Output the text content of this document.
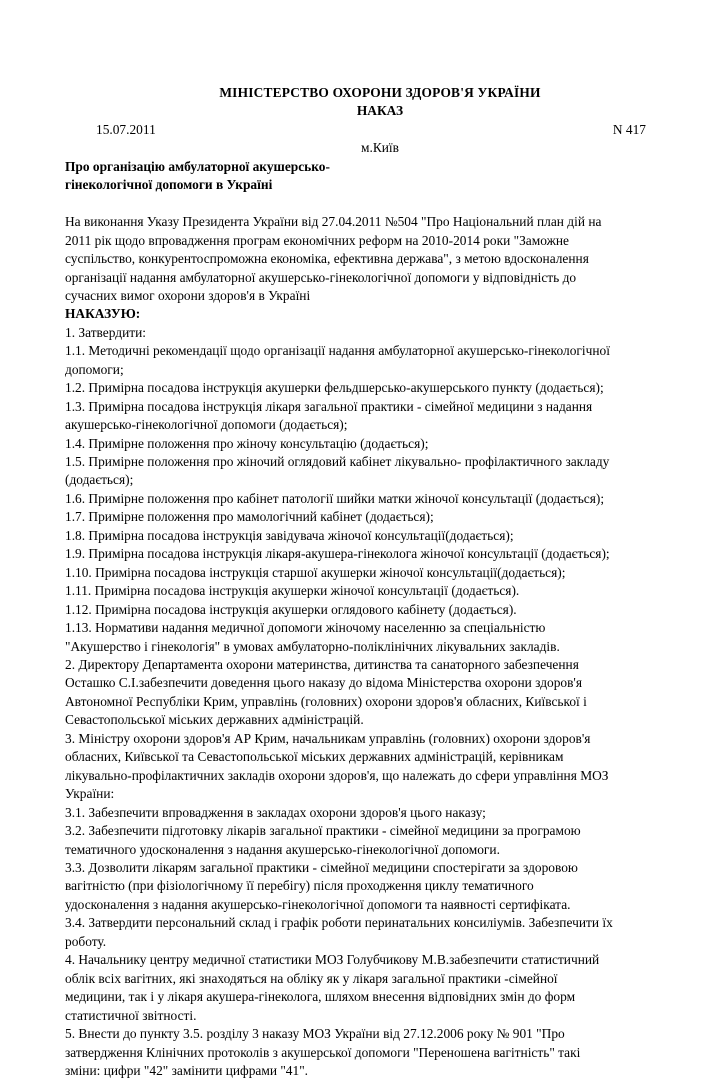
МІНІСТЕРСТВО ОХОРОНИ ЗДОРОВ'Я УКРАЇНИ
НАКАЗ
15.07.2011	N 417
м.Київ
Про організацію амбулаторної акушерсько-
гінекологічної допомоги в Україні
На виконання Указу Президента України від 27.04.2011 №504 "Про Національний план дій на
2011 рік щодо впровадження програм економічних реформ на 2010-2014 роки "Заможне
суспільство, конкурентоспроможна економіка, ефективна держава", з метою вдосконалення
організації надання амбулаторної акушерсько-гінекологічної допомоги у відповідність до
сучасних вимог охорони здоров'я в Україні
НАКАЗУЮ:
1. Затвердити:
1.1. Методичні рекомендації щодо організації надання амбулаторної акушерсько-гінекологічної
допомоги;
1.2. Примірна посадова інструкція акушерки фельдшерсько-акушерського пункту (додається);
1.3. Примірна посадова інструкція лікаря загальної практики - сімейної медицини з надання
акушерсько-гінекологічної допомоги (додається);
1.4. Примірне положення про жіночу консультацію (додається);
1.5. Примірне положення про жіночий оглядовий кабінет лікувально- профілактичного закладу
(додається);
1.6. Примірне положення про кабінет патології шийки матки жіночої консультації (додається);
1.7. Примірне положення про мамологічний кабінет (додається);
1.8. Примірна посадова інструкція завідувача жіночої консультації(додається);
1.9. Примірна посадова інструкція лікаря-акушера-гінеколога жіночої консультації (додається);
1.10. Примірна посадова інструкція старшої акушерки жіночої консультації(додається);
1.11. Примірна посадова інструкція акушерки жіночої консультації (додається).
1.12. Примірна посадова інструкція акушерки оглядового кабінету (додається).
1.13. Нормативи надання медичної допомоги жіночому населенню за спеціальністю
"Акушерство і гінекологія" в умовах амбулаторно-поліклінічних лікувальних закладів.
2. Директору Департамента охорони материнства, дитинства та санаторного забезпечення
Осташко С.І.забезпечити доведення цього наказу до відома Міністерства охорони здоров'я
Автономної Республіки Крим, управлінь (головних) охорони здоров'я обласних, Київської і
Севастопольської міських державних адміністрацій.
3. Міністру охорони здоров'я АР Крим, начальникам управлінь (головних) охорони здоров'я
обласних, Київської та Севастопольської міських державних адміністрацій, керівникам
лікувально-профілактичних закладів охорони здоров'я, що належать до сфери управління МОЗ
України:
3.1. Забезпечити впровадження в закладах охорони здоров'я цього наказу;
3.2. Забезпечити підготовку лікарів загальної практики - сімейної медицини за програмою
тематичного удосконалення з надання акушерсько-гінекологічної допомоги.
3.3. Дозволити лікарям загальної практики - сімейної медицини спостерігати за здоровою
вагітністю (при фізіологічному її перебігу) після проходження циклу тематичного
удосконалення з надання акушерсько-гінекологічної допомоги та наявності сертифіката.
3.4. Затвердити персональний склад і графік роботи перинатальних консиліумів. Забезпечити їх
роботу.
4. Начальнику центру медичної статистики МОЗ Голубчикову М.В.забезпечити статистичний
облік всіх вагітних, які знаходяться на обліку як у лікаря загальної практики -сімейної
медицини, так і у лікаря акушера-гінеколога, шляхом внесення відповідних змін до форм
статистичної звітності.
5. Внести до пункту 3.5. розділу 3 наказу МОЗ України від 27.12.2006 року № 901 "Про
затвердження Клінічних протоколів з акушерської допомоги "Переношена вагітність" такі
зміни: цифри "42" замінити цифрами "41".
